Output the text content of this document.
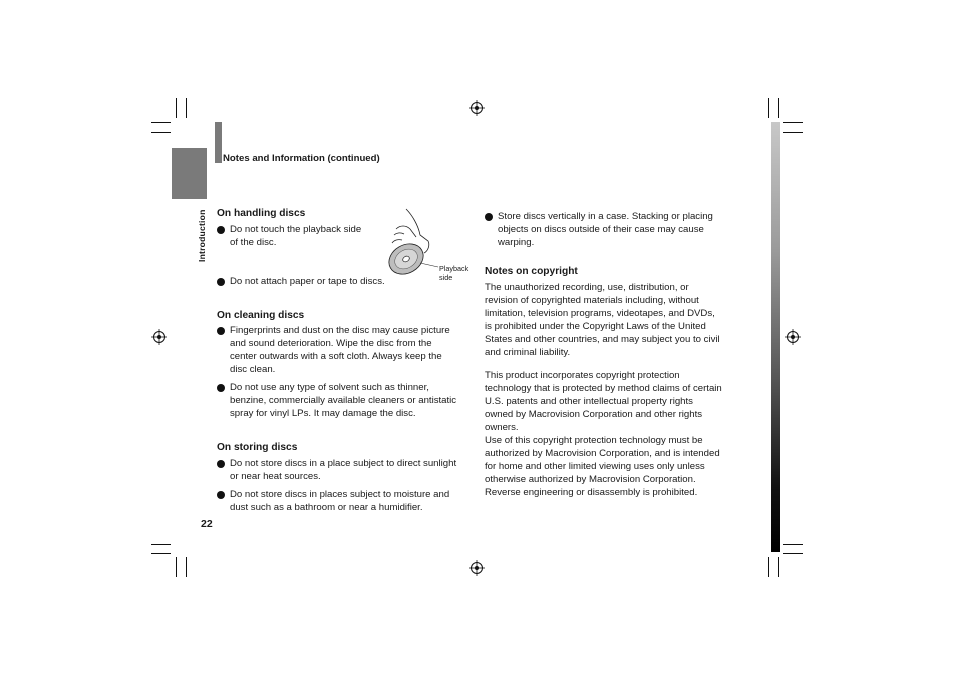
Notes and Information (continued)
Introduction
22
On handling discs
Do not touch the playback side
of the disc.
Playback
side
Do not attach paper or tape to discs.
On cleaning discs
Fingerprints and dust on the disc may cause picture
and sound deterioration. Wipe the disc from the
center outwards with a soft cloth. Always keep the
disc clean.
Do not use any type of solvent such as thinner,
benzine, commercially available cleaners or antistatic
spray for vinyl LPs. It may damage the disc.
On storing discs
Do not store discs in a place subject to direct sunlight
or near heat sources.
Do not store discs in places subject to moisture and
dust such as a bathroom or near a humidifier.
Store discs vertically in a case. Stacking or placing
objects on discs outside of their case may cause
warping.
Notes on copyright
The unauthorized recording, use, distribution, or
revision of copyrighted materials including, without
limitation, television programs, videotapes, and DVDs,
is prohibited under the Copyright Laws of the United
States and other countries, and may subject you to civil
and criminal liability.
This product incorporates copyright protection
technology that is protected by method claims of certain
U.S. patents and other intellectual property rights
owned by Macrovision Corporation and other rights
owners.
Use of this copyright protection technology must be
authorized by Macrovision Corporation, and is intended
for home and other limited viewing uses only unless
otherwise authorized by Macrovision Corporation.
Reverse engineering or disassembly is prohibited.
